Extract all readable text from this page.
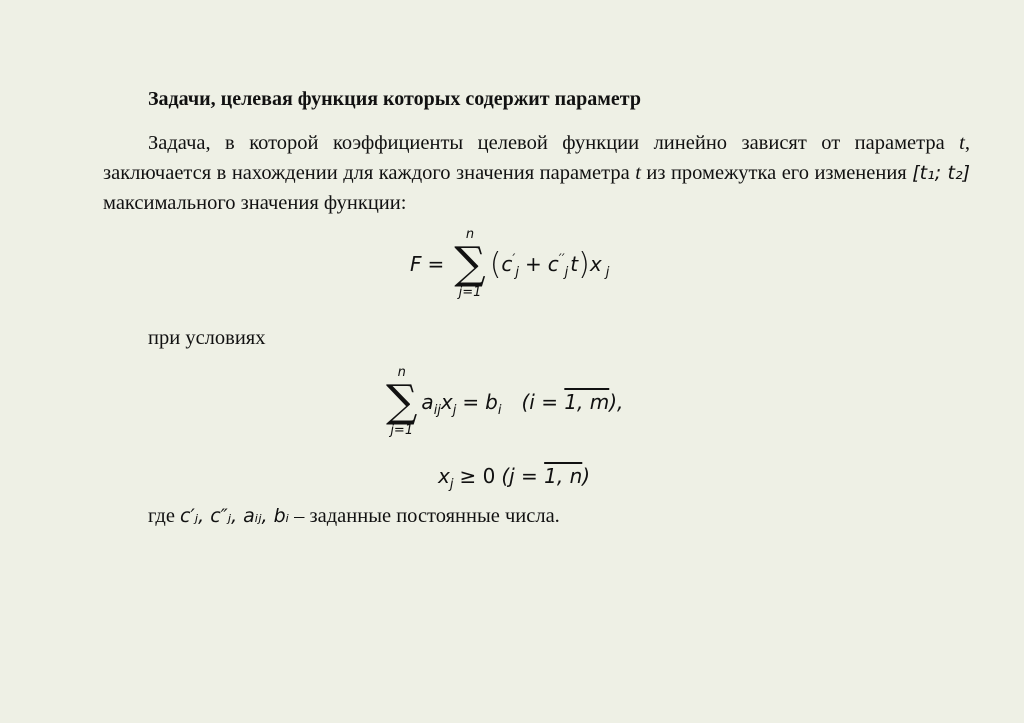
Задачи, целевая функция которых содержит параметр

Задача, в которой коэффициенты целевой функции линейно зависят от параметра t, заключается в нахождении для каждого значения параметра t из промежутка его изменения [t₁; t₂] максимального значения функции:

F =
n
∑
j=1
( $c'_j + c''_j$ t ) x $_j$

при условиях

n
∑
j=1
$a_{ij}$ $x_j = b_i$ (i = 1, m),
$x_j \ge 0$ (j = 1, n)

где c′ⱼ, c″ⱼ, aᵢⱼ, bᵢ – заданные постоянные числа.
